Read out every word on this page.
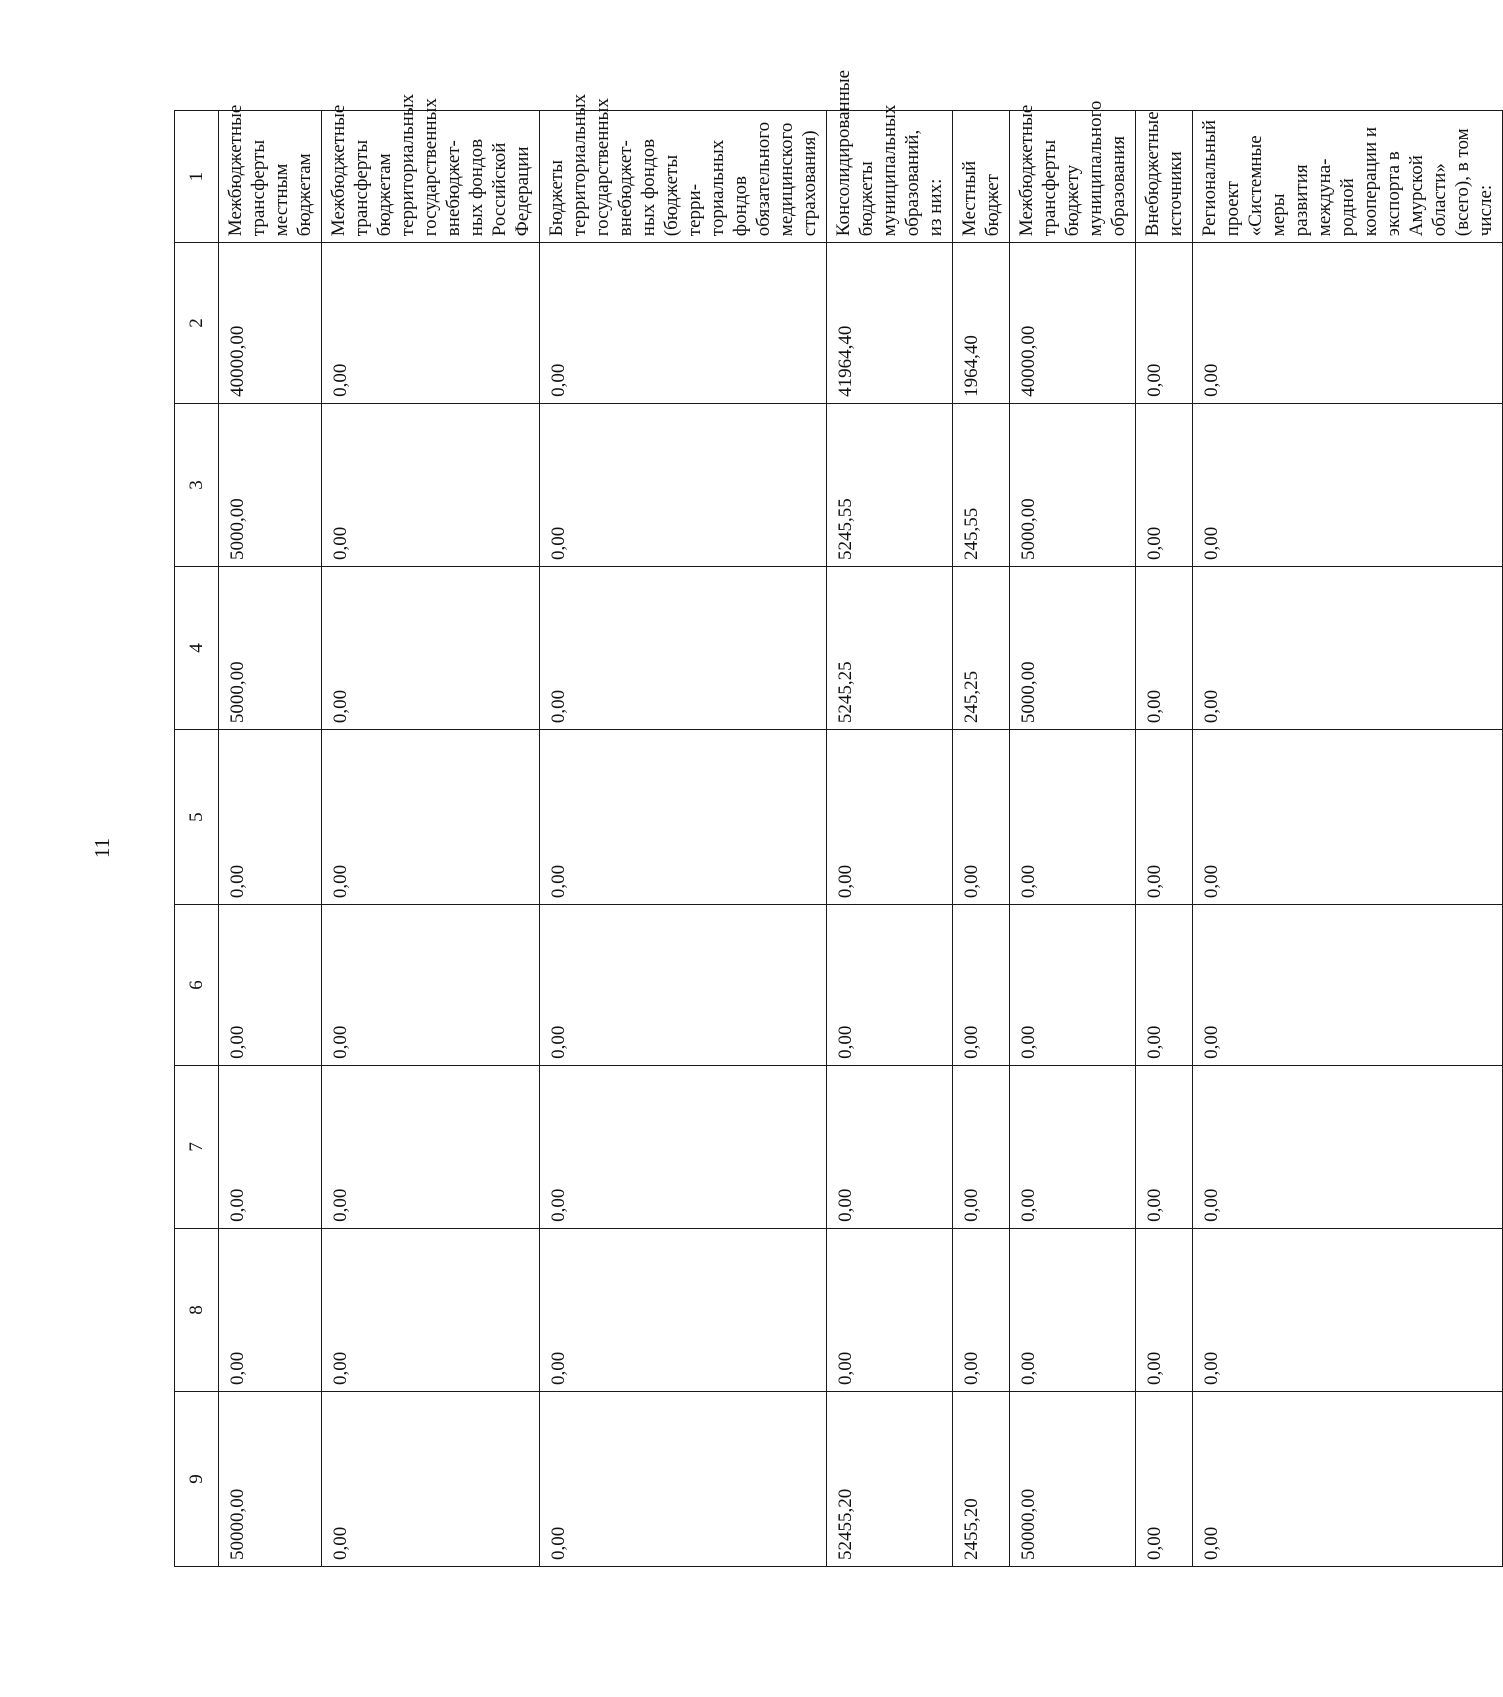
11
9	8	7	6	5	4	3	2	1
50000,00	0,00	0,00	0,00	0,00	5000,00	5000,00	40000,00	Межбюджетные трансферты местным бюджетам
0,00	0,00	0,00	0,00	0,00	0,00	0,00	0,00	Межбюджетные трансферты бюджетам территориальных государственных внебюджетных фондов Российской Федерации
0,00	0,00	0,00	0,00	0,00	0,00	0,00	0,00	Бюджеты территориальных государственных внебюджетных фондов (бюджеты территориальных фондов обязательного медицинского страхования)
52455,20	0,00	0,00	0,00	0,00	5245,25	5245,55	41964,40	Консолидированные бюджеты муниципальных образований, из них:
2455,20	0,00	0,00	0,00	0,00	245,25	245,55	1964,40	Местный бюджет
50000,00	0,00	0,00	0,00	0,00	5000,00	5000,00	40000,00	Межбюджетные трансферты бюджету муниципального образования
0,00	0,00	0,00	0,00	0,00	0,00	0,00	0,00	Внебюджетные источники
0,00	0,00	0,00	0,00	0,00	0,00	0,00	0,00	Региональный проект «Системные меры развития международной кооперации и экспорта в Амурской области» (всего), в том числе:
